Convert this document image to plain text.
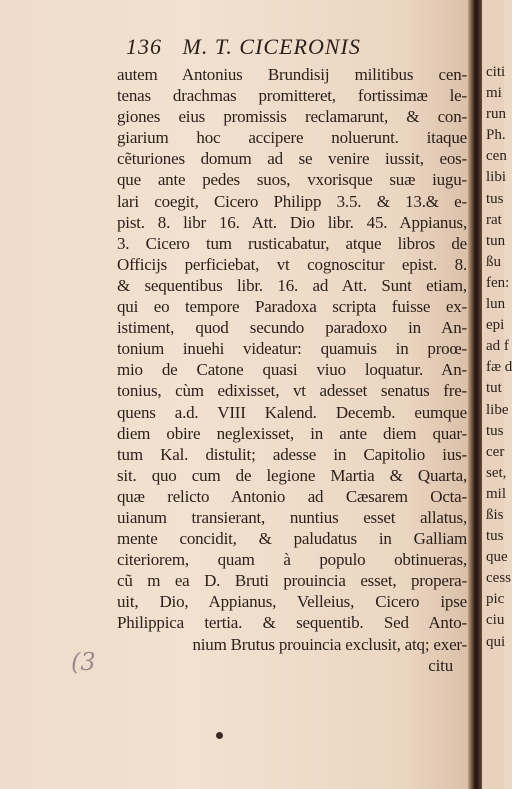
136 M. T. CICERONIS
autem Antonius Brundisij militibus cen-
tenas drachmas promitteret, fortissimæ le-
giones eius promissis reclamarunt, & con-
giarium hoc accipere noluerunt. itaque
cẽturiones domum ad se venire iussit, eos-
que ante pedes suos, vxorisque suæ iugu-
lari coegit, Cicero Philipp 3.5. & 13.& e-
pist. 8. libr 16. Att. Dio libr. 45. Appianus,
3. Cicero tum rusticabatur, atque libros de
Officijs perficiebat, vt cognoscitur epist. 8.
& sequentibus libr. 16. ad Att. Sunt etiam,
qui eo tempore Paradoxa scripta fuisse ex-
istiment, quod secundo paradoxo in An-
tonium inuehi videatur: quamuis in proœ-
mio de Catone quasi viuo loquatur. An-
tonius, cùm edixisset, vt adesset senatus fre-
quens a.d. VIII Kalend. Decemb. eumque
diem obire neglexisset, in ante diem quar-
tum Kal. distulit; adesse in Capitolio ius-
sit. quo cum de legione Martia & Quarta,
quæ relicto Antonio ad Cæsarem Octa-
uianum transierant, nuntius esset allatus,
mente concidit, & paludatus in Galliam
citeriorem, quam à populo obtinueras,
cũ m ea D. Bruti prouincia esset, propera-
uit, Dio, Appianus, Velleius, Cicero ipse
Philippica tertia. & sequentib. Sed Anto-
nium Brutus prouincia exclusit, atq; exer-
citu
(3
citi
mi
run
Ph.
cen
libi
tus
rat
tun
ßu
fen:
lun
epi
ad f
fæ d
tut
libe
tus
cer
set,
mil
ßis
tus
que
cess
pic
ciu
qui
